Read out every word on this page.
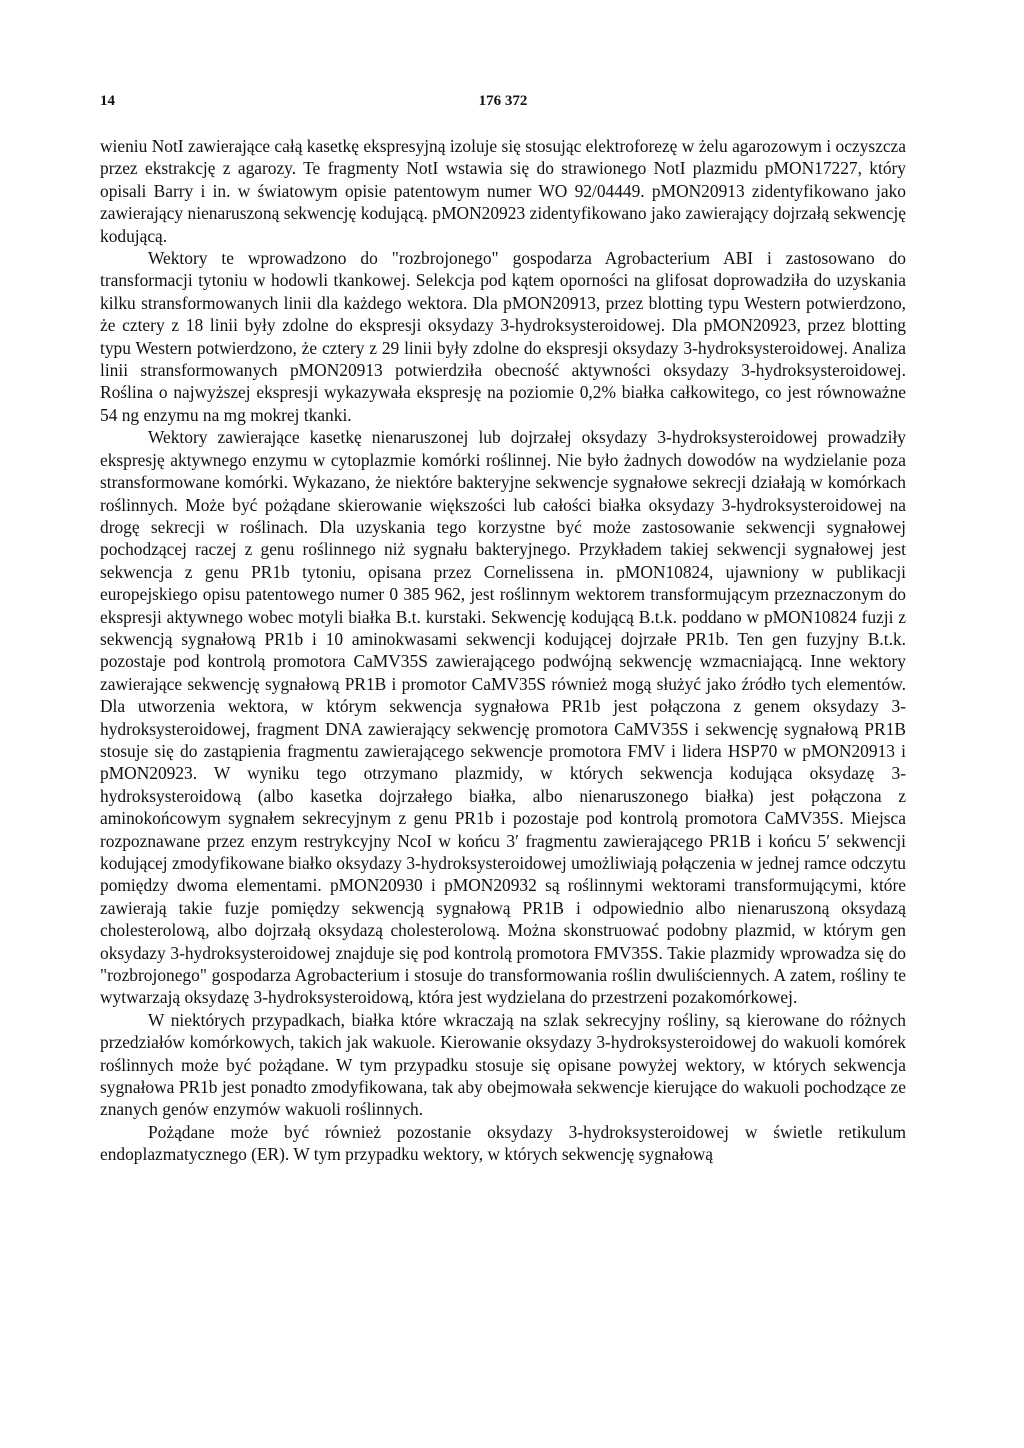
14	176 372

wieniu NotI zawierające całą kasetkę ekspresyjną izoluje się stosując elektroforezę w żelu agarozowym i oczyszcza przez ekstrakcję z agarozy. Te fragmenty NotI wstawia się do strawionego NotI plazmidu pMON17227, który opisali Barry i in. w światowym opisie patentowym numer WO 92/04449. pMON20913 zidentyfikowano jako zawierający nienaruszoną sekwencję kodującą. pMON20923 zidentyfikowano jako zawierający dojrzałą sekwencję kodującą.

Wektory te wprowadzono do "rozbrojonego" gospodarza Agrobacterium ABI i zastosowano do transformacji tytoniu w hodowli tkankowej. Selekcja pod kątem oporności na glifosat doprowadziła do uzyskania kilku stransformowanych linii dla każdego wektora. Dla pMON20913, przez blotting typu Western potwierdzono, że cztery z 18 linii były zdolne do ekspresji oksydazy 3-hydroksysteroidowej. Dla pMON20923, przez blotting typu Western potwierdzono, że cztery z 29 linii były zdolne do ekspresji oksydazy 3-hydroksysteroidowej. Analiza linii stransformowanych pMON20913 potwierdziła obecność aktywności oksydazy 3-hydroksysteroidowej. Roślina o najwyższej ekspresji wykazywała ekspresję na poziomie 0,2% białka całkowitego, co jest równoważne 54 ng enzymu na mg mokrej tkanki.

Wektory zawierające kasetkę nienaruszonej lub dojrzałej oksydazy 3-hydroksysteroidowej prowadziły ekspresję aktywnego enzymu w cytoplazmie komórki roślinnej. Nie było żadnych dowodów na wydzielanie poza stransformowane komórki. Wykazano, że niektóre bakteryjne sekwencje sygnałowe sekrecji działają w komórkach roślinnych. Może być pożądane skierowanie większości lub całości białka oksydazy 3-hydroksysteroidowej na drogę sekrecji w roślinach. Dla uzyskania tego korzystne być może zastosowanie sekwencji sygnałowej pochodzącej raczej z genu roślinnego niż sygnału bakteryjnego. Przykładem takiej sekwencji sygnałowej jest sekwencja z genu PR1b tytoniu, opisana przez Cornelissena in. pMON10824, ujawniony w publikacji europejskiego opisu patentowego numer 0 385 962, jest roślinnym wektorem transformującym przeznaczonym do ekspresji aktywnego wobec motyli białka B.t. kurstaki. Sekwencję kodującą B.t.k. poddano w pMON10824 fuzji z sekwencją sygnałową PR1b i 10 aminokwasami sekwencji kodującej dojrzałe PR1b. Ten gen fuzyjny B.t.k. pozostaje pod kontrolą promotora CaMV35S zawierającego podwójną sekwencję wzmacniającą. Inne wektory zawierające sekwencję sygnałową PR1B i promotor CaMV35S również mogą służyć jako źródło tych elementów. Dla utworzenia wektora, w którym sekwencja sygnałowa PR1b jest połączona z genem oksydazy 3-hydroksysteroidowej, fragment DNA zawierający sekwencję promotora CaMV35S i sekwencję sygnałową PR1B stosuje się do zastąpienia fragmentu zawierającego sekwencje promotora FMV i lidera HSP70 w pMON20913 i pMON20923. W wyniku tego otrzymano plazmidy, w których sekwencja kodująca oksydazę 3-hydroksysteroidową (albo kasetka dojrzałego białka, albo nienaruszonego białka) jest połączona z aminokońcowym sygnałem sekrecyjnym z genu PR1b i pozostaje pod kontrolą promotora CaMV35S. Miejsca rozpoznawane przez enzym restrykcyjny NcoI w końcu 3′ fragmentu zawierającego PR1B i końcu 5′ sekwencji kodującej zmodyfikowane białko oksydazy 3-hydroksysteroidowej umożliwiają połączenia w jednej ramce odczytu pomiędzy dwoma elementami. pMON20930 i pMON20932 są roślinnymi wektorami transformującymi, które zawierają takie fuzje pomiędzy sekwencją sygnałową PR1B i odpowiednio albo nienaruszoną oksydazą cholesterolową, albo dojrzałą oksydazą cholesterolową. Można skonstruować podobny plazmid, w którym gen oksydazy 3-hydroksysteroidowej znajduje się pod kontrolą promotora FMV35S. Takie plazmidy wprowadza się do "rozbrojonego" gospodarza Agrobacterium i stosuje do transformowania roślin dwuliściennych. A zatem, rośliny te wytwarzają oksydazę 3-hydroksysteroidową, która jest wydzielana do przestrzeni pozakomórkowej.

W niektórych przypadkach, białka które wkraczają na szlak sekrecyjny rośliny, są kierowane do różnych przedziałów komórkowych, takich jak wakuole. Kierowanie oksydazy 3-hydroksysteroidowej do wakuoli komórek roślinnych może być pożądane. W tym przypadku stosuje się opisane powyżej wektory, w których sekwencja sygnałowa PR1b jest ponadto zmodyfikowana, tak aby obejmowała sekwencje kierujące do wakuoli pochodzące ze znanych genów enzymów wakuoli roślinnych.

Pożądane może być również pozostanie oksydazy 3-hydroksysteroidowej w świetle retikulum endoplazmatycznego (ER). W tym przypadku wektory, w których sekwencję sygnałową
